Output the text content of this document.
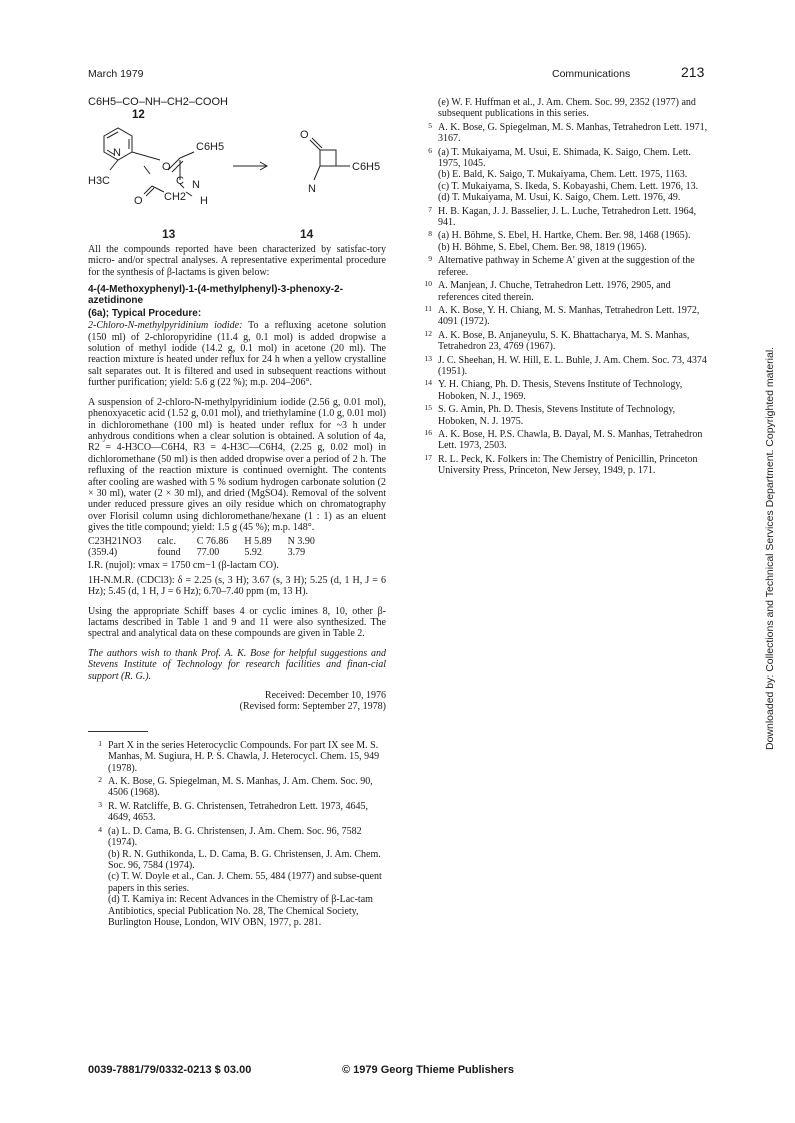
March 1979	Communications	213
C6H5–CO–NH–CH2–COOH
12
N
H3C
O
C6H5
C
O CH2
N
H
O
C6H5
N
13	14

All the compounds reported have been characterized by satisfac-tory micro- and/or spectral analyses. A representative experimental procedure for the synthesis of β-lactams is given below:

4-(4-Methoxyphenyl)-1-(4-methylphenyl)-3-phenoxy-2-azetidinone
(6a); Typical Procedure:

2-Chloro-N-methylpyridinium iodide: To a refluxing acetone solution (150 ml) of 2-chloropyridine (11.4 g, 0.1 mol) is added dropwise a solution of methyl iodide (14.2 g, 0.1 mol) in acetone (20 ml). The reaction mixture is heated under reflux for 24 h when a yellow crystalline salt separates out. It is filtered and used in subsequent reactions without further purification; yield: 5.6 g (22 %); m.p. 204–206°.

A suspension of 2-chloro-N-methylpyridinium iodide (2.56 g, 0.01 mol), phenoxyacetic acid (1.52 g, 0.01 mol), and triethylamine (1.0 g, 0.01 mol) in dichloromethane (100 ml) is heated under reflux for ~3 h under anhydrous conditions when a clear solution is obtained. A solution of 4a, R2 = 4-H3CO—C6H4, R3 = 4-H3C—C6H4, (2.25 g, 0.02 mol) in dichloromethane (50 ml) is then added dropwise over a period of 2 h. The refluxing of the reaction mixture is continued overnight. The contents after cooling are washed with 5 % sodium hydrogen carbonate solution (2 × 30 ml), water (2 × 30 ml), and dried (MgSO4). Removal of the solvent under reduced pressure gives an oily residue which on chromatography over Florisil column using dichloromethane/hexane (1 : 1) as an eluent gives the title compound; yield: 1.5 g (45 %); m.p. 148°.

C23H21NO3	calc.	C 76.86	H 5.89	N 3.90
(359.4)	found	77.00	5.92	3.79

I.R. (nujol): νmax = 1750 cm−1 (β-lactam CO).

1H-N.M.R. (CDCl3): δ = 2.25 (s, 3 H); 3.67 (s, 3 H); 5.25 (d, 1 H, J = 6 Hz); 5.45 (d, 1 H, J = 6 Hz); 6.70–7.40 ppm (m, 13 H).

Using the appropriate Schiff bases 4 or cyclic imines 8, 10, other β-lactams described in Table 1 and 9 and 11 were also synthesized. The spectral and analytical data on these compounds are given in Table 2.

The authors wish to thank Prof. A. K. Bose for helpful suggestions and Stevens Institute of Technology for research facilities and finan-cial support (R. G.).

Received: December 10, 1976
(Revised form: September 27, 1978)
1 Part X in the series Heterocyclic Compounds. For part IX see M. S. Manhas, M. Sugiura, H. P. S. Chawla, J. Heterocycl. Chem. 15, 949 (1978).
2 A. K. Bose, G. Spiegelman, M. S. Manhas, J. Am. Chem. Soc. 90, 4506 (1968).
3 R. W. Ratcliffe, B. G. Christensen, Tetrahedron Lett. 1973, 4645, 4649, 4653.
4 (a) L. D. Cama, B. G. Christensen, J. Am. Chem. Soc. 96, 7582 (1974).
(b) R. N. Guthikonda, L. D. Cama, B. G. Christensen, J. Am. Chem. Soc. 96, 7584 (1974).
(c) T. W. Doyle et al., Can. J. Chem. 55, 484 (1977) and subse-quent papers in this series.
(d) T. Kamiya in: Recent Advances in the Chemistry of β-Lac-tam Antibiotics, special Publication No. 28, The Chemical Society, Burlington House, London, WIV OBN, 1977, p. 281.
(e) W. F. Huffman et al., J. Am. Chem. Soc. 99, 2352 (1977) and subsequent publications in this series.
5 A. K. Bose, G. Spiegelman, M. S. Manhas, Tetrahedron Lett. 1971, 3167.
6 (a) T. Mukaiyama, M. Usui, E. Shimada, K. Saigo, Chem. Lett. 1975, 1045.
(b) E. Bald, K. Saigo, T. Mukaiyama, Chem. Lett. 1975, 1163.
(c) T. Mukaiyama, S. Ikeda, S. Kobayashi, Chem. Lett. 1976, 13.
(d) T. Mukaiyama, M. Usui, K. Saigo, Chem. Lett. 1976, 49.
7 H. B. Kagan, J. J. Basselier, J. L. Luche, Tetrahedron Lett. 1964, 941.
8 (a) H. Böhme, S. Ebel, H. Hartke, Chem. Ber. 98, 1468 (1965).
(b) H. Böhme, S. Ebel, Chem. Ber. 98, 1819 (1965).
9 Alternative pathway in Scheme A' given at the suggestion of the referee.
10 A. Manjean, J. Chuche, Tetrahedron Lett. 1976, 2905, and references cited therein.
11 A. K. Bose, Y. H. Chiang, M. S. Manhas, Tetrahedron Lett. 1972, 4091 (1972).
12 A. K. Bose, B. Anjaneyulu, S. K. Bhattacharya, M. S. Manhas, Tetrahedron 23, 4769 (1967).
13 J. C. Sheehan, H. W. Hill, E. L. Buhle, J. Am. Chem. Soc. 73, 4374 (1951).
14 Y. H. Chiang, Ph. D. Thesis, Stevens Institute of Technology, Hoboken, N. J., 1969.
15 S. G. Amin, Ph. D. Thesis, Stevens Institute of Technology, Hoboken, N. J. 1975.
16 A. K. Bose, H. P.S. Chawla, B. Dayal, M. S. Manhas, Tetrahedron Lett. 1973, 2503.
17 R. L. Peck, K. Folkers in: The Chemistry of Penicillin, Princeton University Press, Princeton, New Jersey, 1949, p. 171.
0039-7881/79/0332-0213 $ 03.00	© 1979 Georg Thieme Publishers
Downloaded by: Collections and Technical Services Department. Copyrighted material.
